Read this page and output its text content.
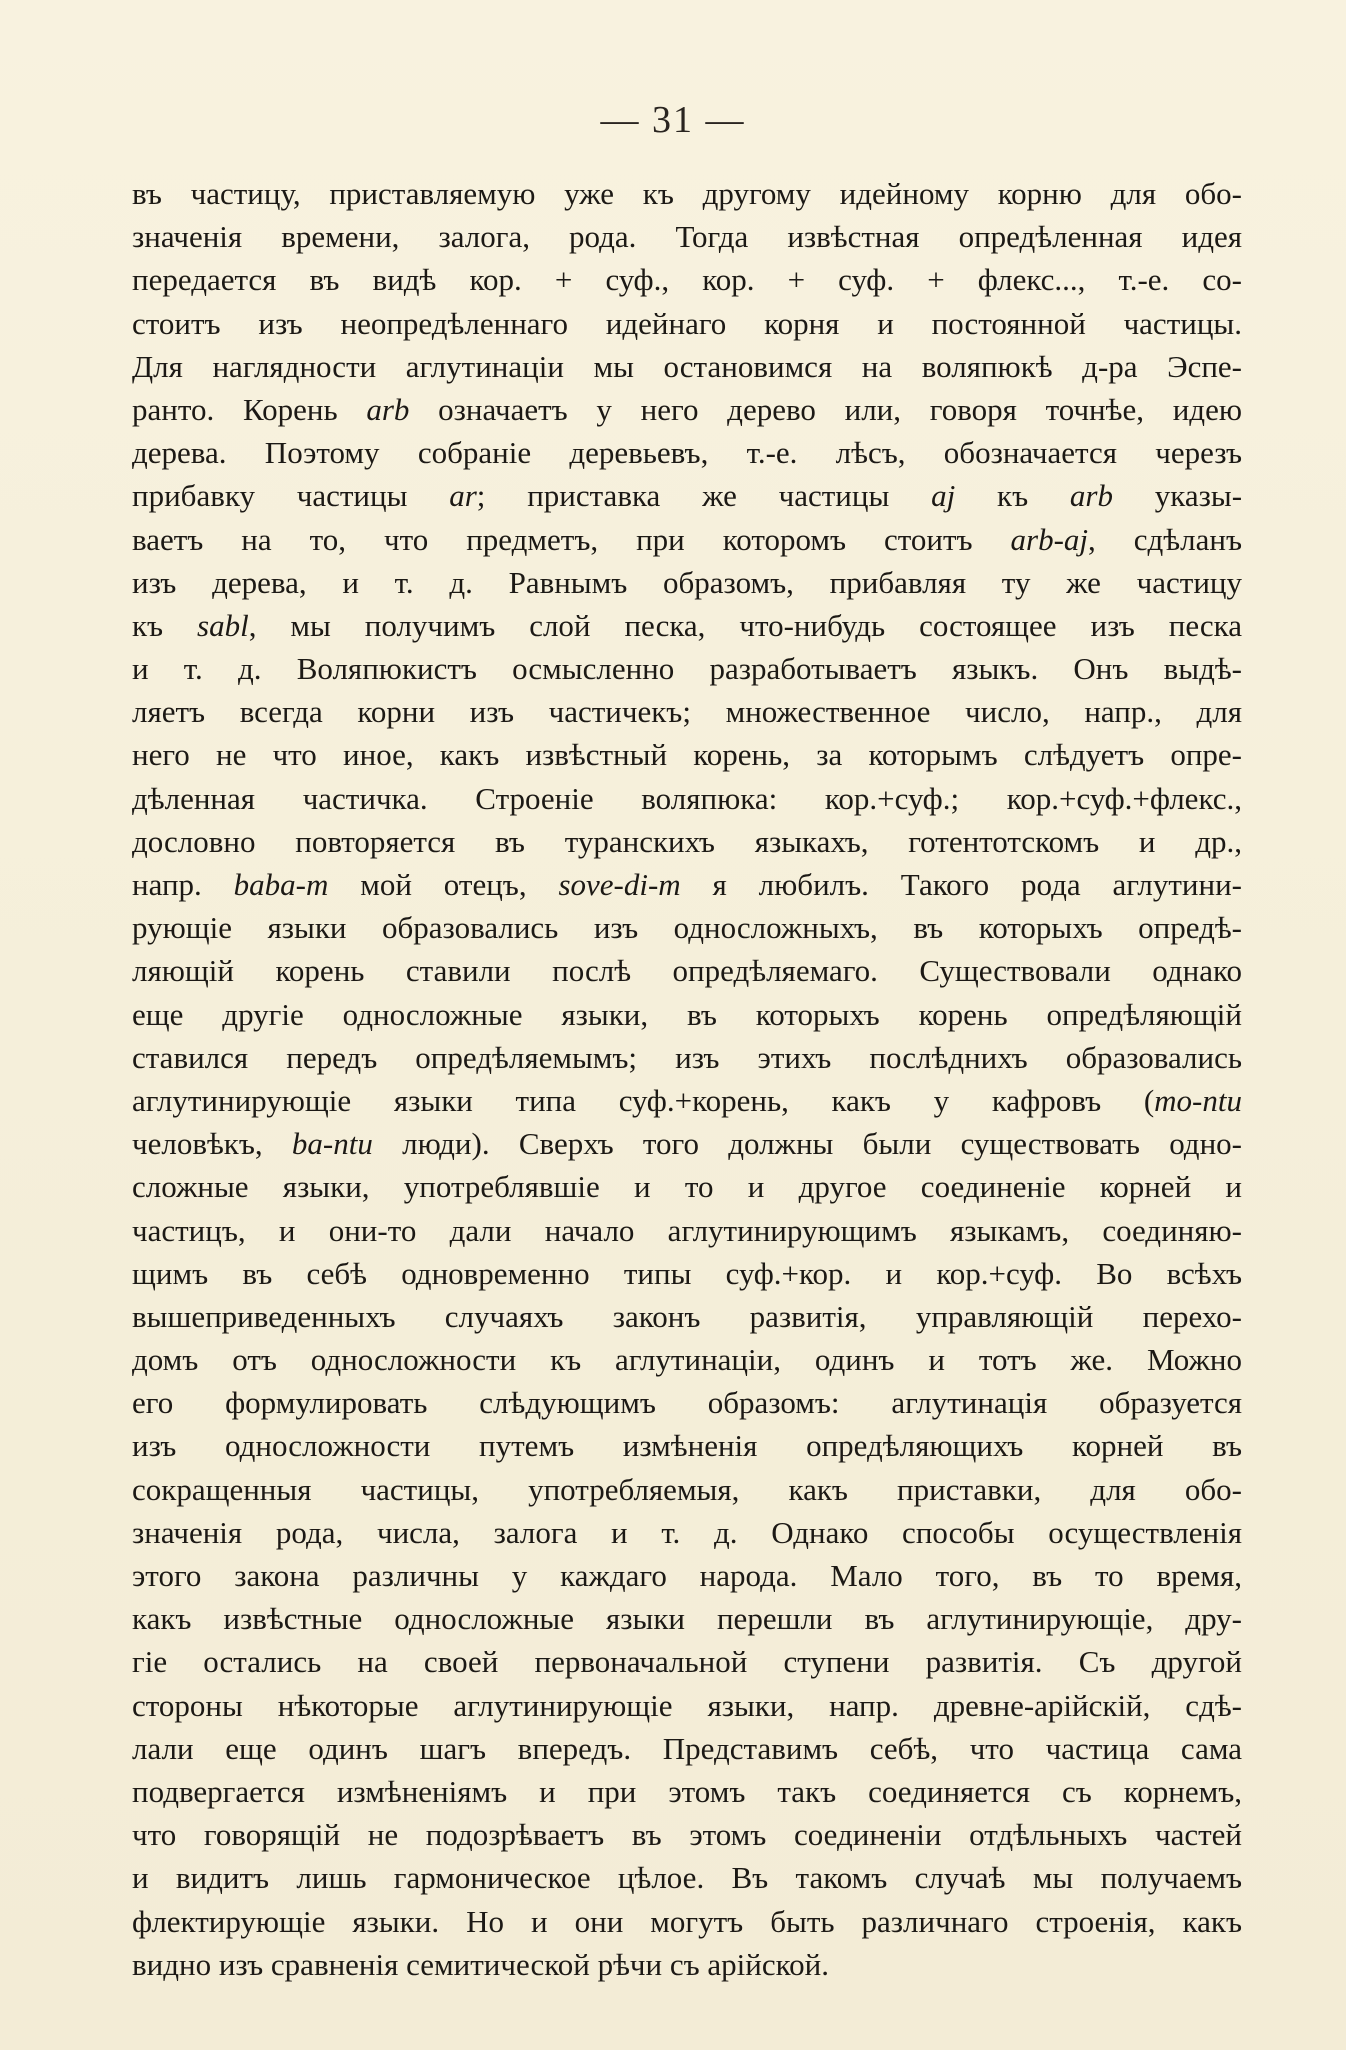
— 31 —
въ частицу, приставляемую уже къ другому идейному корню для обо-
значенія времени, залога, рода. Тогда извѣстная опредѣленная идея
передается въ видѣ кор. + суф., кор. + суф. + флекс..., т.-е. со-
стоитъ изъ неопредѣленнаго идейнаго корня и постоянной частицы.
Для наглядности аглутинаціи мы остановимся на воляпюкѣ д-ра Эспе-
ранто. Корень arb означаетъ у него дерево или, говоря точнѣе, идею
дерева. Поэтому собраніе деревьевъ, т.-е. лѣсъ, обозначается черезъ
прибавку частицы ar; приставка же частицы aj къ arb указы-
ваетъ на то, что предметъ, при которомъ стоитъ arb-aj, сдѣланъ
изъ дерева, и т. д. Равнымъ образомъ, прибавляя ту же частицу
къ sabl, мы получимъ слой песка, что-нибудь состоящее изъ песка
и т. д. Воляпюкистъ осмысленно разработываетъ языкъ. Онъ выдѣ-
ляетъ всегда корни изъ частичекъ; множественное число, напр., для
него не что иное, какъ извѣстный корень, за которымъ слѣдуетъ опре-
дѣленная частичка. Строеніе воляпюка: кор.+суф.; кор.+суф.+флекс.,
дословно повторяется въ туранскихъ языкахъ, готентотскомъ и др.,
напр. baba-m мой отецъ, sove-di-m я любилъ. Такого рода аглутини-
рующіе языки образовались изъ односложныхъ, въ которыхъ опредѣ-
ляющій корень ставили послѣ опредѣляемаго. Существовали однако
еще другіе односложные языки, въ которыхъ корень опредѣляющій
ставился передъ опредѣляемымъ; изъ этихъ послѣднихъ образовались
аглутинирующіе языки типа суф.+корень, какъ у кафровъ (mo-ntu
человѣкъ, ba-ntu люди). Сверхъ того должны были существовать одно-
сложные языки, употреблявшіе и то и другое соединеніе корней и
частицъ, и они-то дали начало аглутинирующимъ языкамъ, соединяю-
щимъ въ себѣ одновременно типы суф.+кор. и кор.+суф. Во всѣхъ
вышеприведенныхъ случаяхъ законъ развитія, управляющій перехо-
домъ отъ односложности къ аглутинаціи, одинъ и тотъ же. Можно
его формулировать слѣдующимъ образомъ: аглутинація образуется
изъ односложности путемъ измѣненія опредѣляющихъ корней въ
сокращенныя частицы, употребляемыя, какъ приставки, для обо-
значенія рода, числа, залога и т. д. Однако способы осуществленія
этого закона различны у каждаго народа. Мало того, въ то время,
какъ извѣстные односложные языки перешли въ аглутинирующіе, дру-
гіе остались на своей первоначальной ступени развитія. Съ другой
стороны нѣкоторые аглутинирующіе языки, напр. древне-арійскій, сдѣ-
лали еще одинъ шагъ впередъ. Представимъ себѣ, что частица сама
подвергается измѣненіямъ и при этомъ такъ соединяется съ корнемъ,
что говорящій не подозрѣваетъ въ этомъ соединеніи отдѣльныхъ частей
и видитъ лишь гармоническое цѣлое. Въ такомъ случаѣ мы получаемъ
флектирующіе языки. Но и они могутъ быть различнаго строенія, какъ
видно изъ сравненія семитической рѣчи съ арійской.
